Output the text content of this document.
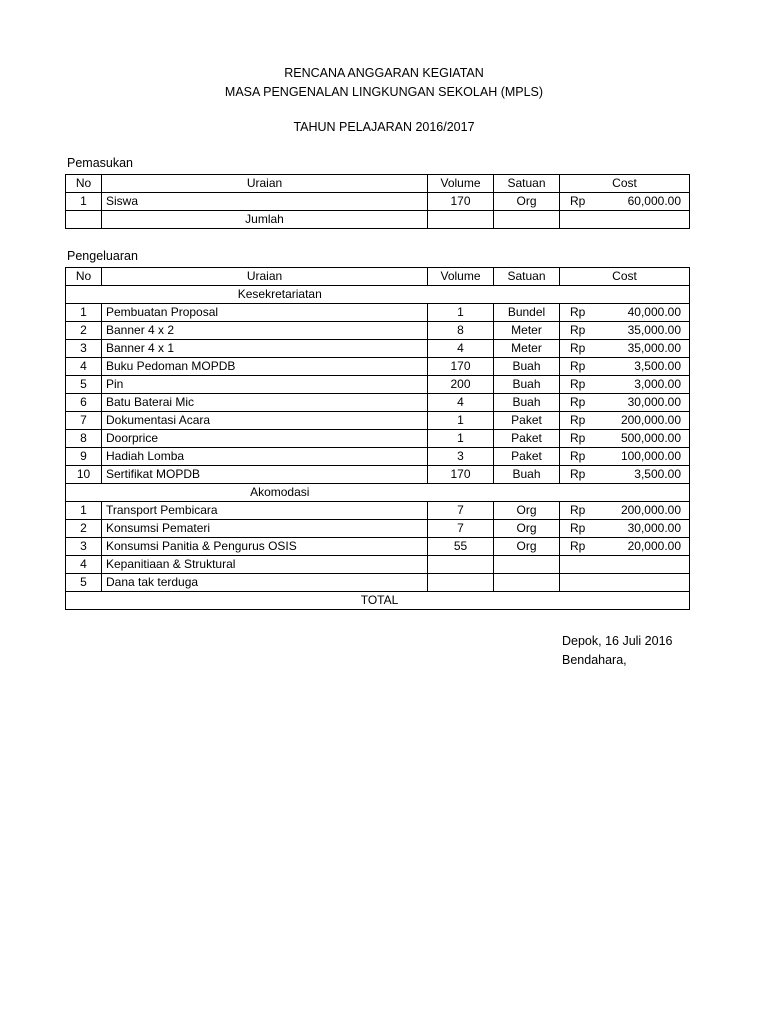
RENCANA ANGGARAN KEGIATAN
MASA PENGENALAN LINGKUNGAN SEKOLAH (MPLS)
TAHUN PELAJARAN 2016/2017
Pemasukan
No	Uraian	Volume	Satuan	Cost
1	Siswa	170	Org	Rp 60,000.00

	Jumlah			
Pengeluaran
No	Uraian	Volume	Satuan	Cost
Kesekretariatan				
1	Pembuatan Proposal	1	Bundel	Rp 40,000.00

2	Banner 4 x 2	8	Meter	Rp 35,000.00

3	Banner 4 x 1	4	Meter	Rp 35,000.00

4	Buku Pedoman MOPDB	170	Buah	Rp 3,500.00

5	Pin	200	Buah	Rp 3,000.00

6	Batu Baterai Mic	4	Buah	Rp 30,000.00

7	Dokumentasi Acara	1	Paket	Rp 200,000.00

8	Doorprice	1	Paket	Rp 500,000.00

9	Hadiah Lomba	3	Paket	Rp 100,000.00

10	Sertifikat MOPDB	170	Buah	Rp 3,500.00

Akomodasi				
1	Transport Pembicara	7	Org	Rp 200,000.00

2	Konsumsi Pemateri	7	Org	Rp 30,000.00

3	Konsumsi Panitia & Pengurus OSIS	55	Org	Rp 20,000.00

4	Kepanitiaan & Struktural			

5	Dana tak terduga			

TOTAL				
Depok, 16 Juli 2016
Bendahara,
